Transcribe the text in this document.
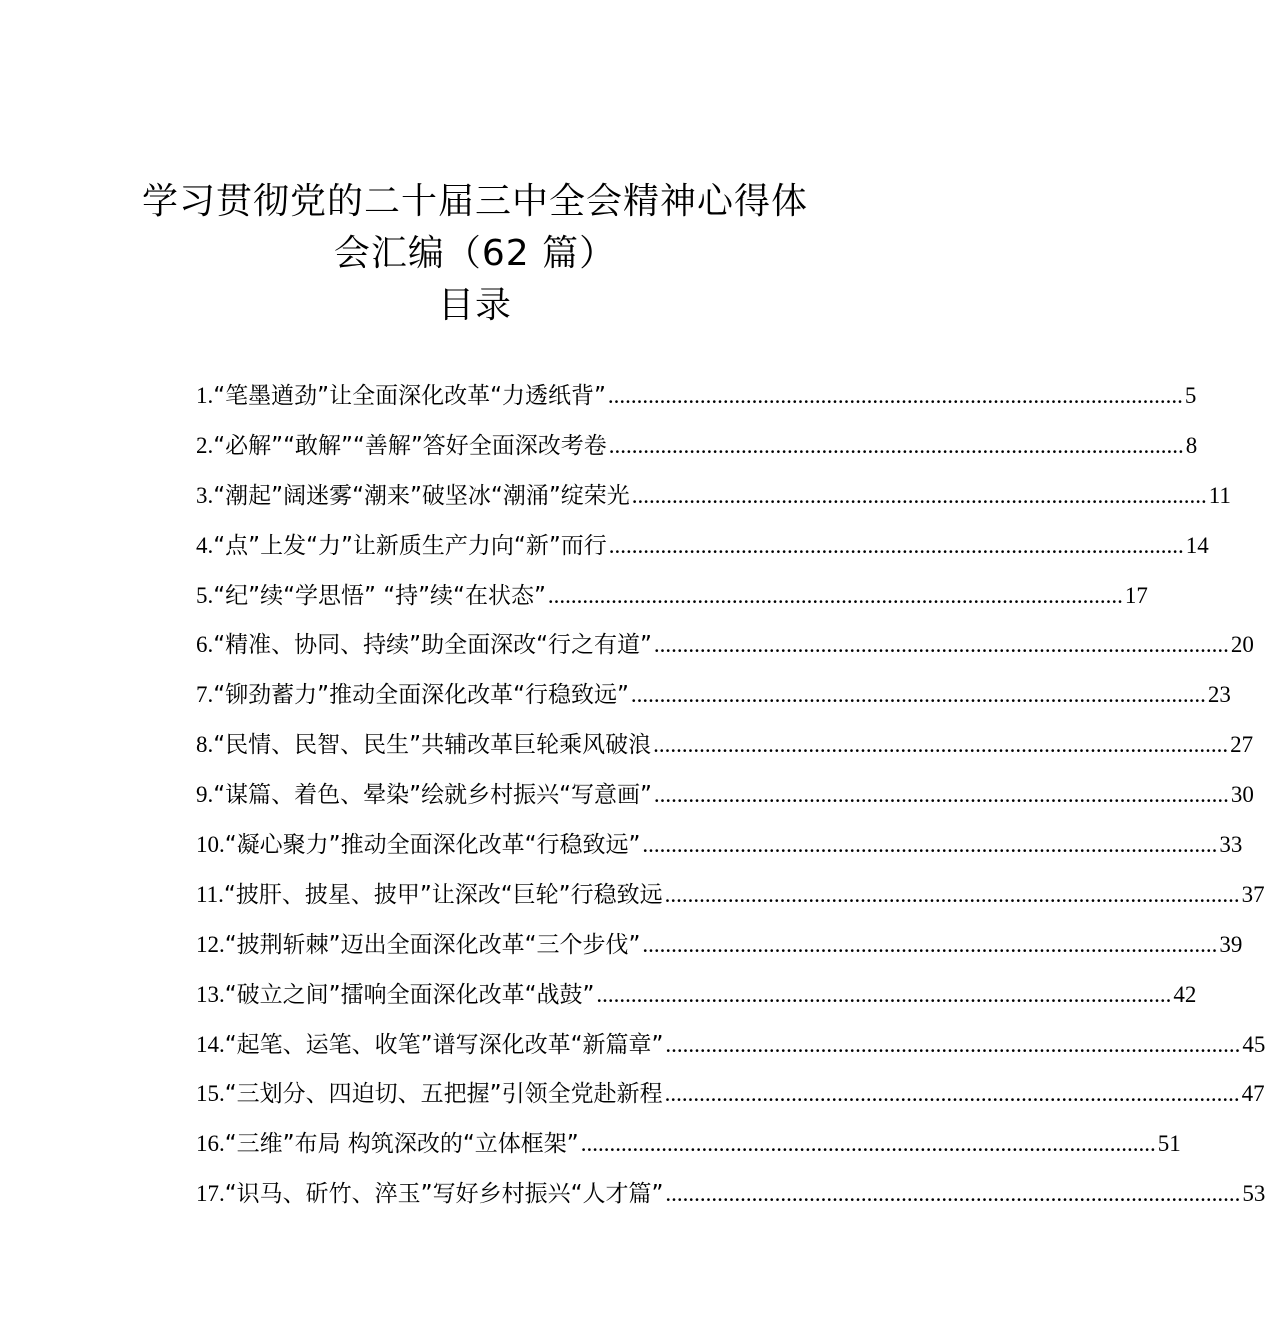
学习贯彻党的二十届三中全会精神心得体
会汇编（62 篇）
目录
1. “笔墨遒劲”让全面深化改革“力透纸背” .....	5
2. “必解”“敢解”“善解”答好全面深改考卷 .....	8
3. “潮起”阔迷雾“潮来”破坚冰“潮涌”绽荣光 .....	11
4. “点”上发“力”让新质生产力向“新”而行 .....	14
5. “纪”续“学思悟” “持”续“在状态” .....	17
6. “精准、协同、持续”助全面深改“行之有道” .....	20
7. “铆劲蓄力”推动全面深化改革“行稳致远” .....	23
8. “民情、民智、民生”共辅改革巨轮乘风破浪 .....	27
9. “谋篇、着色、晕染”绘就乡村振兴“写意画” .....	30
10. “凝心聚力”推动全面深化改革“行稳致远” .....	33
11. “披肝、披星、披甲”让深改“巨轮”行稳致远 .....	37
12. “披荆斩棘”迈出全面深化改革“三个步伐” .....	39
13. “破立之间”擂响全面深化改革“战鼓” .....	42
14. “起笔、运笔、收笔”谱写深化改革“新篇章” .....	45
15. “三划分、四迫切、五把握”引领全党赴新程 .....	47
16. “三维”布局 构筑深改的“立体框架” .....	51
17. “识马、斫竹、淬玉”写好乡村振兴“人才篇” .....	53
